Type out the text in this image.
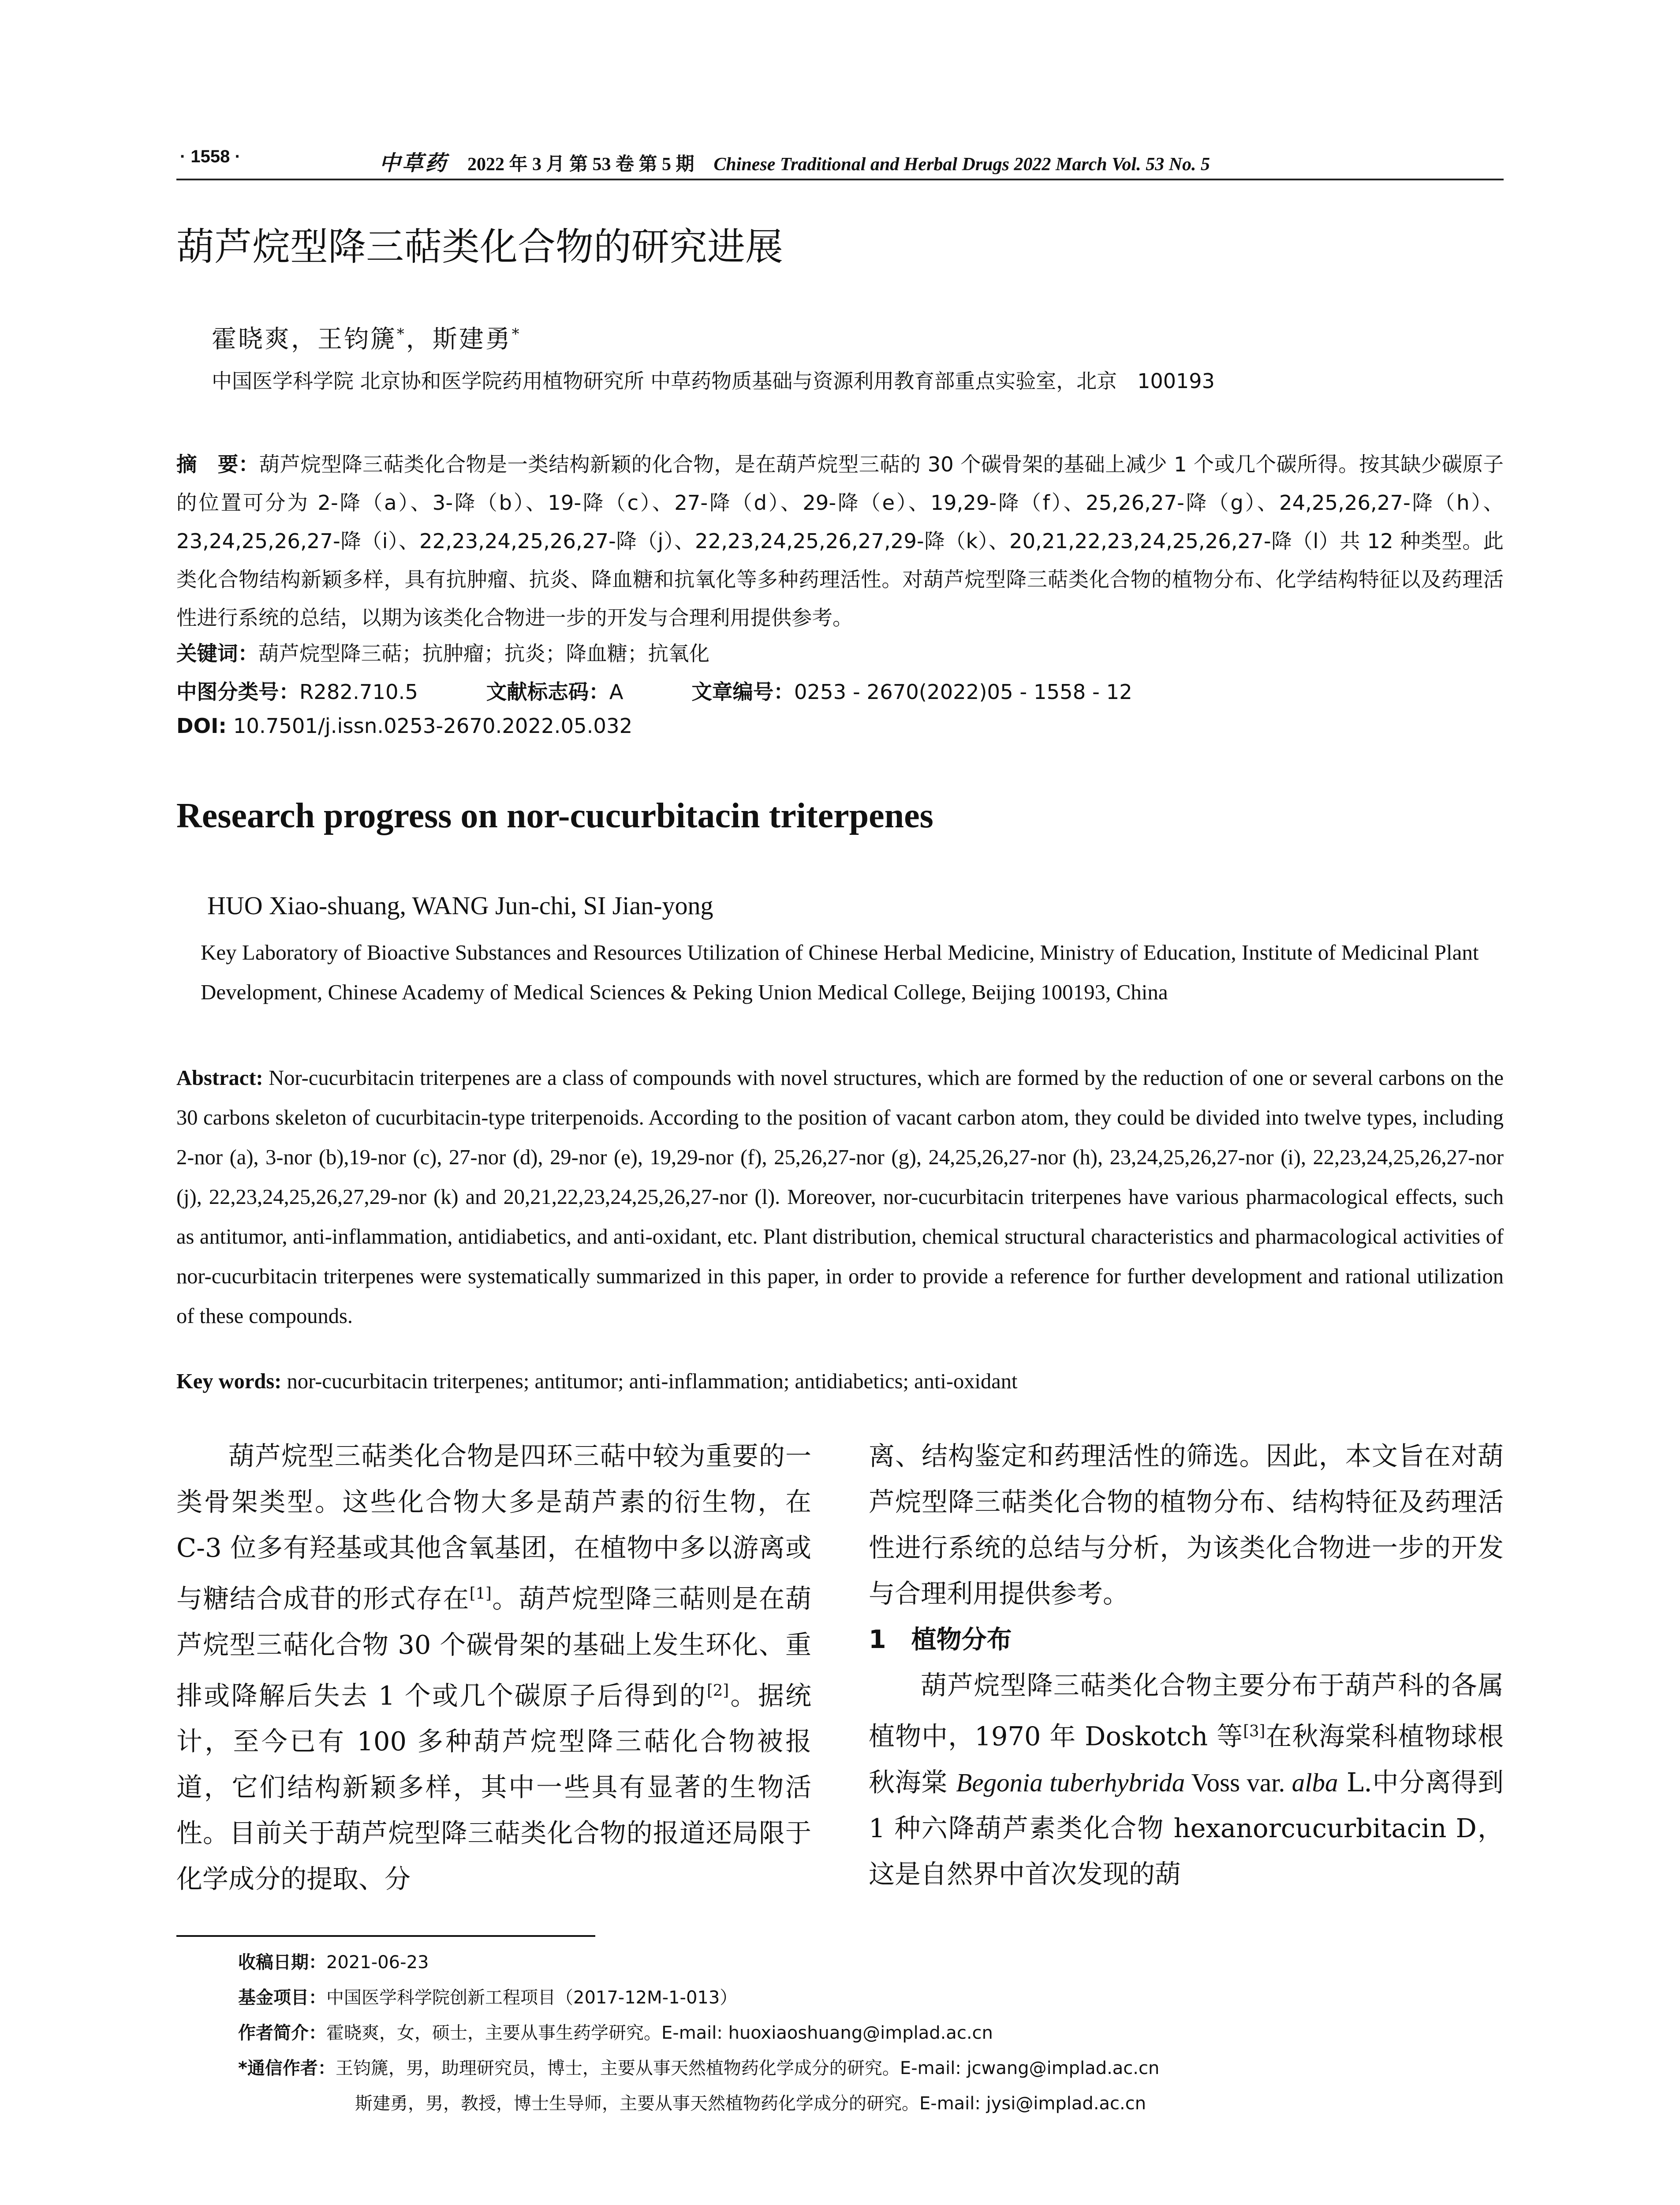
· 1558 ·	中草药 2022 年 3 月 第 53 卷 第 5 期 Chinese Traditional and Herbal Drugs 2022 March Vol. 53 No. 5
葫芦烷型降三萜类化合物的研究进展
霍晓爽，王钧篪*，斯建勇*
中国医学科学院 北京协和医学院药用植物研究所 中草药物质基础与资源利用教育部重点实验室，北京　100193
摘　要：葫芦烷型降三萜类化合物是一类结构新颖的化合物，是在葫芦烷型三萜的 30 个碳骨架的基础上减少 1 个或几个碳所得。按其缺少碳原子的位置可分为 2-降（a）、3-降（b）、19-降（c）、27-降（d）、29-降（e）、19,29-降（f）、25,26,27-降（g）、24,25,26,27-降（h）、23,24,25,26,27-降（i）、22,23,24,25,26,27-降（j）、22,23,24,25,26,27,29-降（k）、20,21,22,23,24,25,26,27-降（l）共 12 种类型。此类化合物结构新颖多样，具有抗肿瘤、抗炎、降血糖和抗氧化等多种药理活性。对葫芦烷型降三萜类化合物的植物分布、化学结构特征以及药理活性进行系统的总结，以期为该类化合物进一步的开发与合理利用提供参考。
关键词：葫芦烷型降三萜；抗肿瘤；抗炎；降血糖；抗氧化
中图分类号：R282.710.5	文献标志码：A	文章编号：0253 - 2670(2022)05 - 1558 - 12
DOI: 10.7501/j.issn.0253-2670.2022.05.032
Research progress on nor-cucurbitacin triterpenes
HUO Xiao-shuang, WANG Jun-chi, SI Jian-yong
Key Laboratory of Bioactive Substances and Resources Utilization of Chinese Herbal Medicine, Ministry of Education, Institute of Medicinal Plant Development, Chinese Academy of Medical Sciences & Peking Union Medical College, Beijing 100193, China
Abstract: Nor-cucurbitacin triterpenes are a class of compounds with novel structures, which are formed by the reduction of one or several carbons on the 30 carbons skeleton of cucurbitacin-type triterpenoids. According to the position of vacant carbon atom, they could be divided into twelve types, including 2-nor (a), 3-nor (b),19-nor (c), 27-nor (d), 29-nor (e), 19,29-nor (f), 25,26,27-nor (g), 24,25,26,27-nor (h), 23,24,25,26,27-nor (i), 22,23,24,25,26,27-nor (j), 22,23,24,25,26,27,29-nor (k) and 20,21,22,23,24,25,26,27-nor (l). Moreover, nor-cucurbitacin triterpenes have various pharmacological effects, such as antitumor, anti-inflammation, antidiabetics, and anti-oxidant, etc. Plant distribution, chemical structural characteristics and pharmacological activities of nor-cucurbitacin triterpenes were systematically summarized in this paper, in order to provide a reference for further development and rational utilization of these compounds.
Key words: nor-cucurbitacin triterpenes; antitumor; anti-inflammation; antidiabetics; anti-oxidant

葫芦烷型三萜类化合物是四环三萜中较为重要的一类骨架类型。这些化合物大多是葫芦素的衍生物，在 C-3 位多有羟基或其他含氧基团，在植物中多以游离或与糖结合成苷的形式存在[1]。葫芦烷型降三萜则是在葫芦烷型三萜化合物 30 个碳骨架的基础上发生环化、重排或降解后失去 1 个或几个碳原子后得到的[2]。据统计，至今已有 100 多种葫芦烷型降三萜化合物被报道，它们结构新颖多样，其中一些具有显著的生物活性。目前关于葫芦烷型降三萜类化合物的报道还局限于化学成分的提取、分

离、结构鉴定和药理活性的筛选。因此，本文旨在对葫芦烷型降三萜类化合物的植物分布、结构特征及药理活性进行系统的总结与分析，为该类化合物进一步的开发与合理利用提供参考。

1  植物分布

葫芦烷型降三萜类化合物主要分布于葫芦科的各属植物中，1970 年 Doskotch 等[3]在秋海棠科植物球根秋海棠 Begonia tuberhybrida Voss var. alba L.中分离得到 1 种六降葫芦素类化合物 hexanorcucurbitacin D，这是自然界中首次发现的葫

收稿日期：2021-06-23
基金项目：中国医学科学院创新工程项目（2017-12M-1-013）
作者简介：霍晓爽，女，硕士，主要从事生药学研究。E-mail: huoxiaoshuang@implad.ac.cn
*通信作者：王钧篪，男，助理研究员，博士，主要从事天然植物药化学成分的研究。E-mail: jcwang@implad.ac.cn
斯建勇，男，教授，博士生导师，主要从事天然植物药化学成分的研究。E-mail: jysi@implad.ac.cn
